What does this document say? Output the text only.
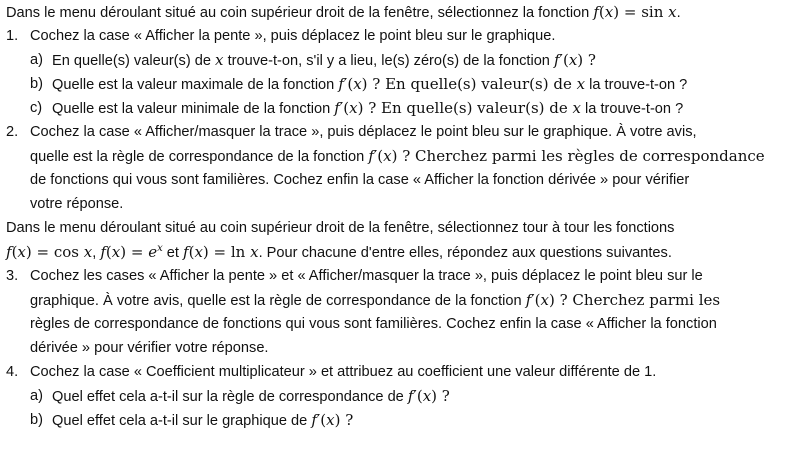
Dans le menu déroulant situé au coin supérieur droit de la fenêtre, sélectionnez la fonction f(x) = sin x.
1. Cochez la case « Afficher la pente », puis déplacez le point bleu sur le graphique.
a) En quelle(s) valeur(s) de x trouve-t-on, s'il y a lieu, le(s) zéro(s) de la fonction f′(x) ?
b) Quelle est la valeur maximale de la fonction f′(x) ? En quelle(s) valeur(s) de x la trouve-t-on ?
c) Quelle est la valeur minimale de la fonction f′(x) ? En quelle(s) valeur(s) de x la trouve-t-on ?
2. Cochez la case « Afficher/masquer la trace », puis déplacez le point bleu sur le graphique. À votre avis,
quelle est la règle de correspondance de la fonction f′(x) ? Cherchez parmi les règles de correspondance
de fonctions qui vous sont familières. Cochez enfin la case « Afficher la fonction dérivée » pour vérifier
votre réponse.
Dans le menu déroulant situé au coin supérieur droit de la fenêtre, sélectionnez tour à tour les fonctions
f(x) = cos x, $f(x) = e^x$ et f(x) = ln x. Pour chacune d'entre elles, répondez aux questions suivantes.
3. Cochez les cases « Afficher la pente » et « Afficher/masquer la trace », puis déplacez le point bleu sur le
graphique. À votre avis, quelle est la règle de correspondance de la fonction f′(x) ? Cherchez parmi les
règles de correspondance de fonctions qui vous sont familières. Cochez enfin la case « Afficher la fonction
dérivée » pour vérifier votre réponse.
4. Cochez la case « Coefficient multiplicateur » et attribuez au coefficient une valeur différente de 1.
a) Quel effet cela a-t-il sur la règle de correspondance de f′(x) ?
b) Quel effet cela a-t-il sur le graphique de f′(x) ?
